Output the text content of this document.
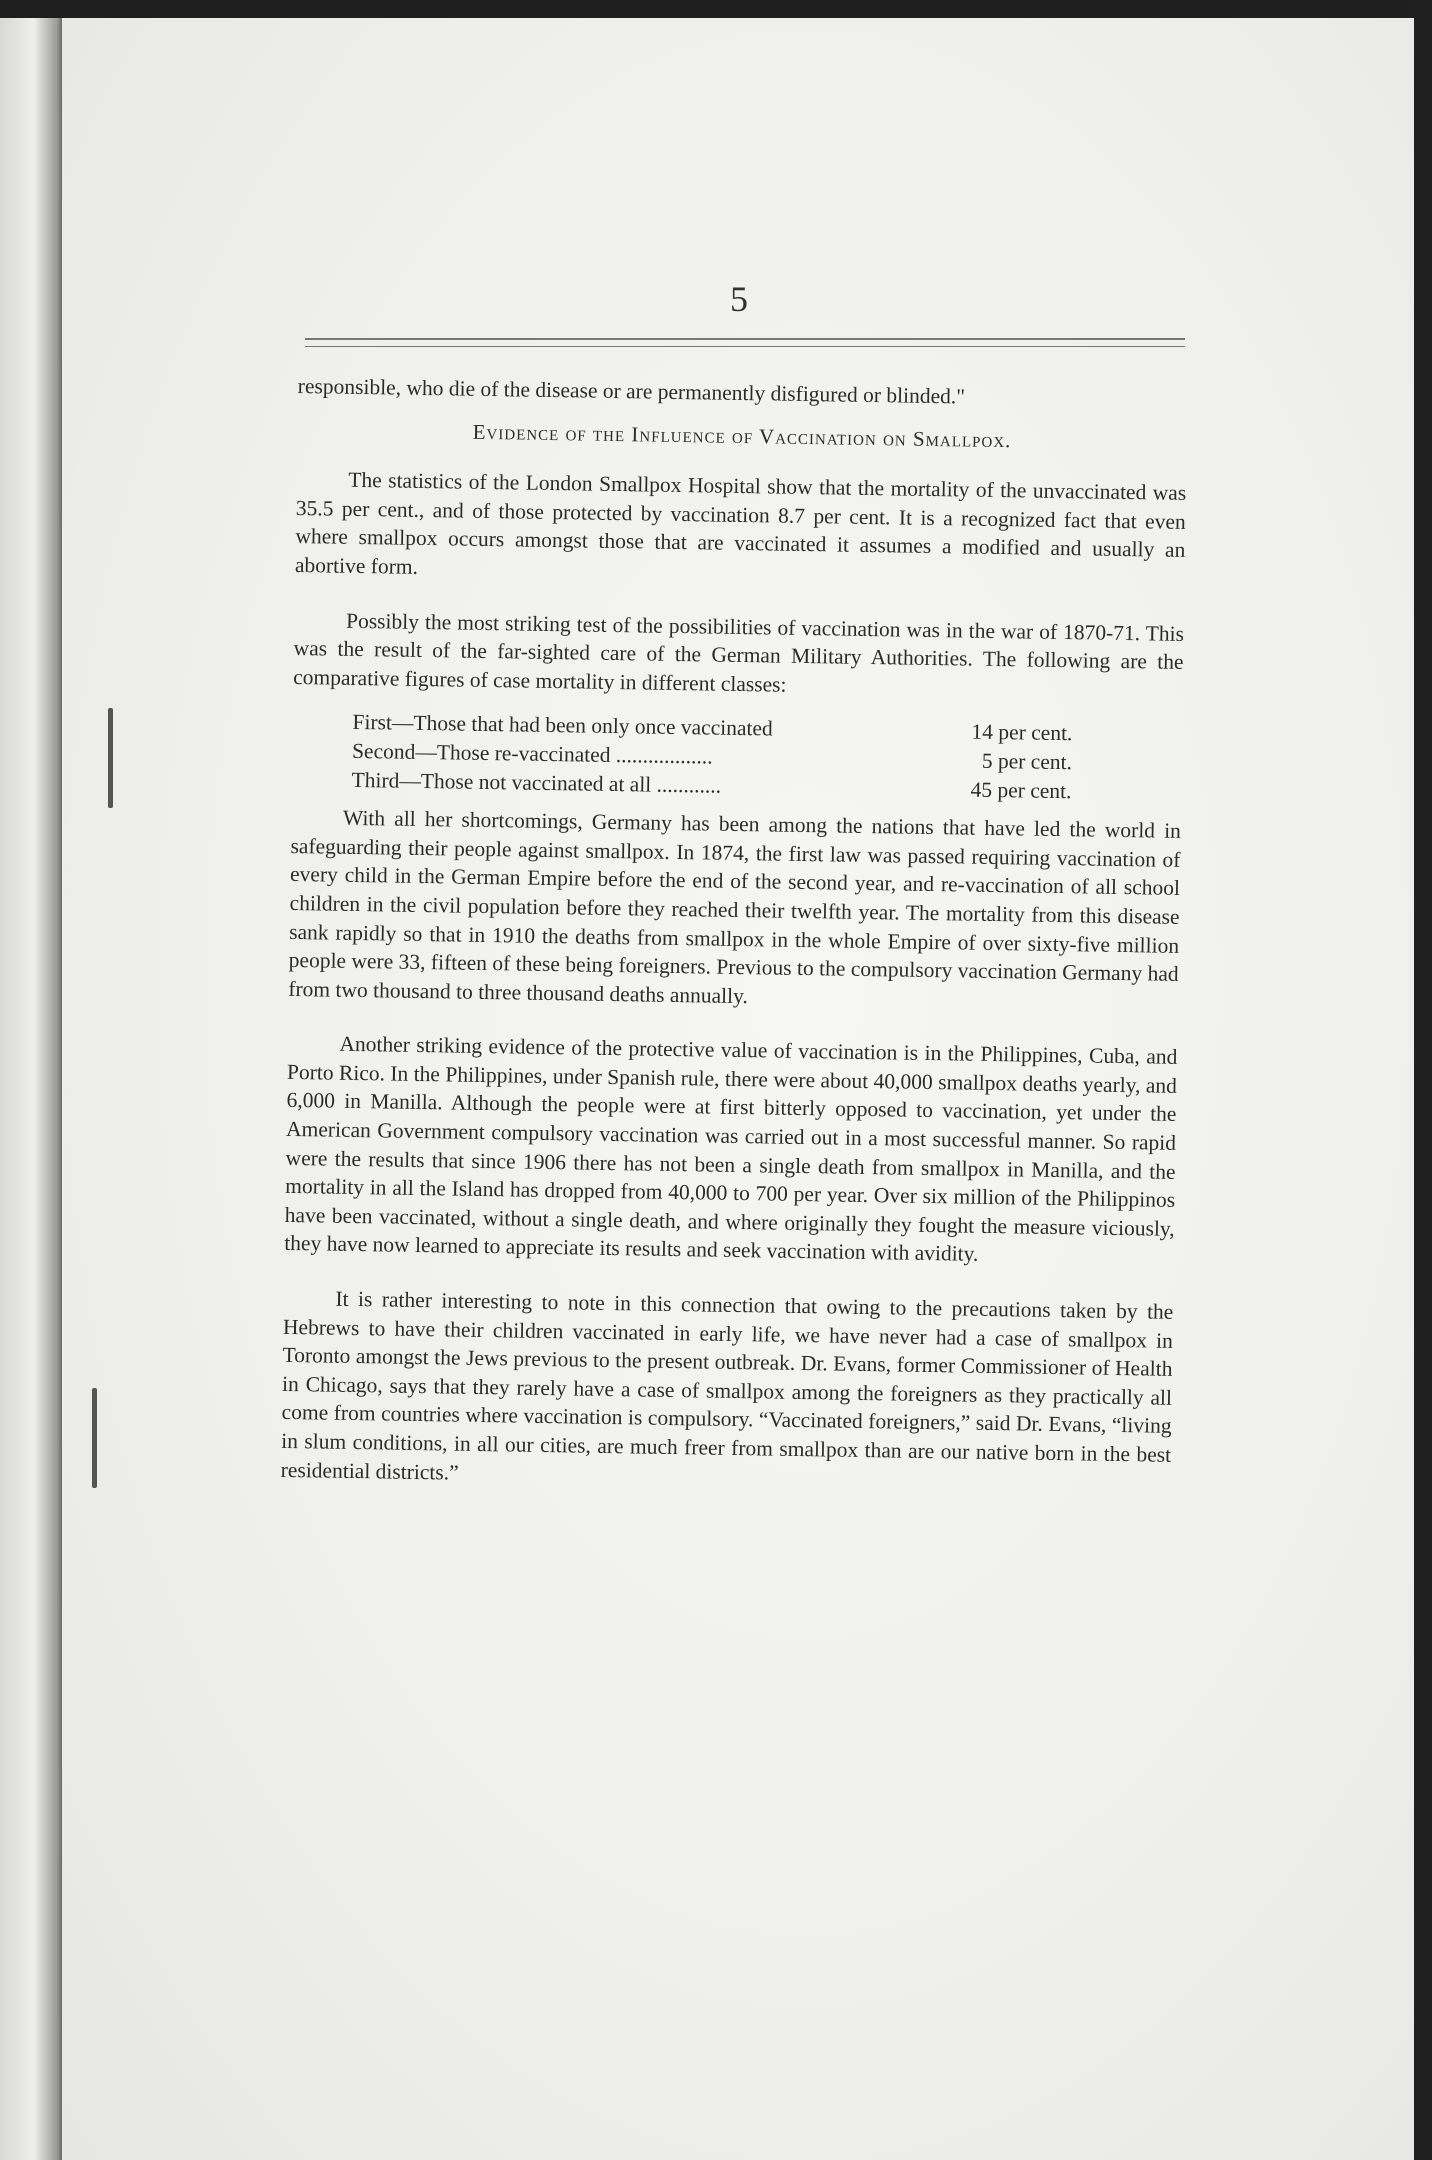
5

responsible, who die of the disease or are permanently disfigured or blinded."

Evidence of the Influence of Vaccination on Smallpox.

The statistics of the London Smallpox Hospital show that the mortality of the unvaccinated was 35.5 per cent., and of those protected by vaccination 8.7 per cent. It is a recognized fact that even where smallpox occurs amongst those that are vaccinated it assumes a modified and usually an abortive form.

Possibly the most striking test of the possibilities of vaccination was in the war of 1870-71. This was the result of the far-sighted care of the German Military Authorities. The following are the comparative figures of case mortality in different classes:

First—Those that had been only once vaccinated	14 per cent.
Second—Those re-vaccinated ..................	5 per cent.
Third—Those not vaccinated at all ............	45 per cent.

With all her shortcomings, Germany has been among the nations that have led the world in safeguarding their people against smallpox. In 1874, the first law was passed requiring vaccination of every child in the German Empire before the end of the second year, and re-vaccination of all school children in the civil population before they reached their twelfth year. The mortality from this disease sank rapidly so that in 1910 the deaths from smallpox in the whole Empire of over sixty-five million people were 33, fifteen of these being foreigners. Previous to the compulsory vaccination Germany had from two thousand to three thousand deaths annually.

Another striking evidence of the protective value of vaccination is in the Philippines, Cuba, and Porto Rico. In the Philippines, under Spanish rule, there were about 40,000 smallpox deaths yearly, and 6,000 in Manilla. Although the people were at first bitterly opposed to vaccination, yet under the American Government compulsory vaccination was carried out in a most successful manner. So rapid were the results that since 1906 there has not been a single death from smallpox in Manilla, and the mortality in all the Island has dropped from 40,000 to 700 per year. Over six million of the Philippinos have been vaccinated, without a single death, and where originally they fought the measure viciously, they have now learned to appreciate its results and seek vaccination with avidity.

It is rather interesting to note in this connection that owing to the precautions taken by the Hebrews to have their children vaccinated in early life, we have never had a case of smallpox in Toronto amongst the Jews previous to the present outbreak. Dr. Evans, former Commissioner of Health in Chicago, says that they rarely have a case of smallpox among the foreigners as they practically all come from countries where vaccination is compulsory. “Vaccinated foreigners,” said Dr. Evans, “living in slum conditions, in all our cities, are much freer from smallpox than are our native born in the best residential districts.”
